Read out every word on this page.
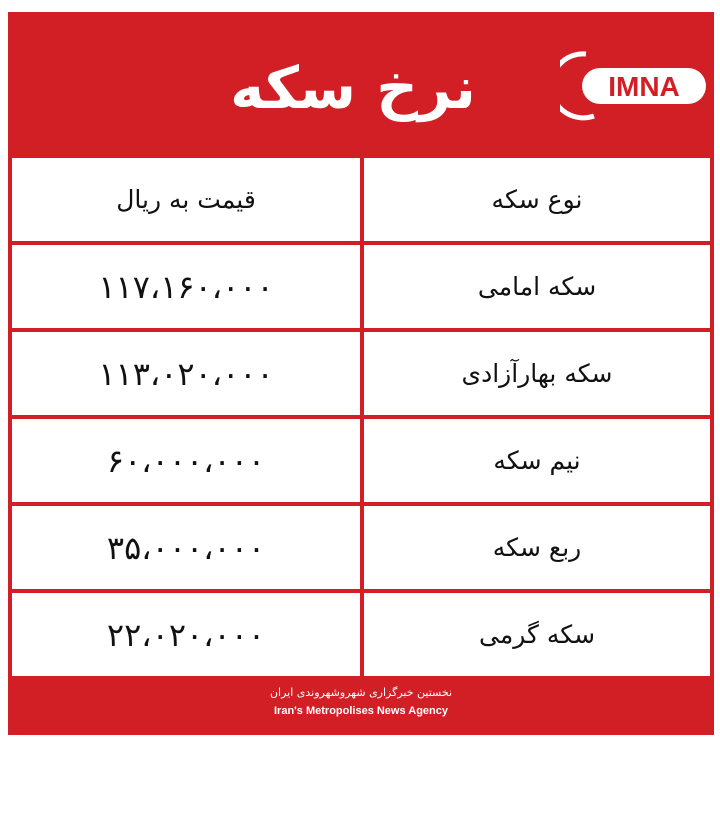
نرخ سکه	IMNA
نوع سکه
قیمت به ریال
سکه امامی
۱۱۷،۱۶۰،۰۰۰
سکه بهارآزادی
۱۱۳،۰۲۰،۰۰۰
نیم سکه
۶۰،۰۰۰،۰۰۰
ربع سکه
۳۵،۰۰۰،۰۰۰
سکه گرمی
۲۲،۰۲۰،۰۰۰
نخستین خبرگزاری شهروشهروندی ایران
Iran's Metropolises News Agency
